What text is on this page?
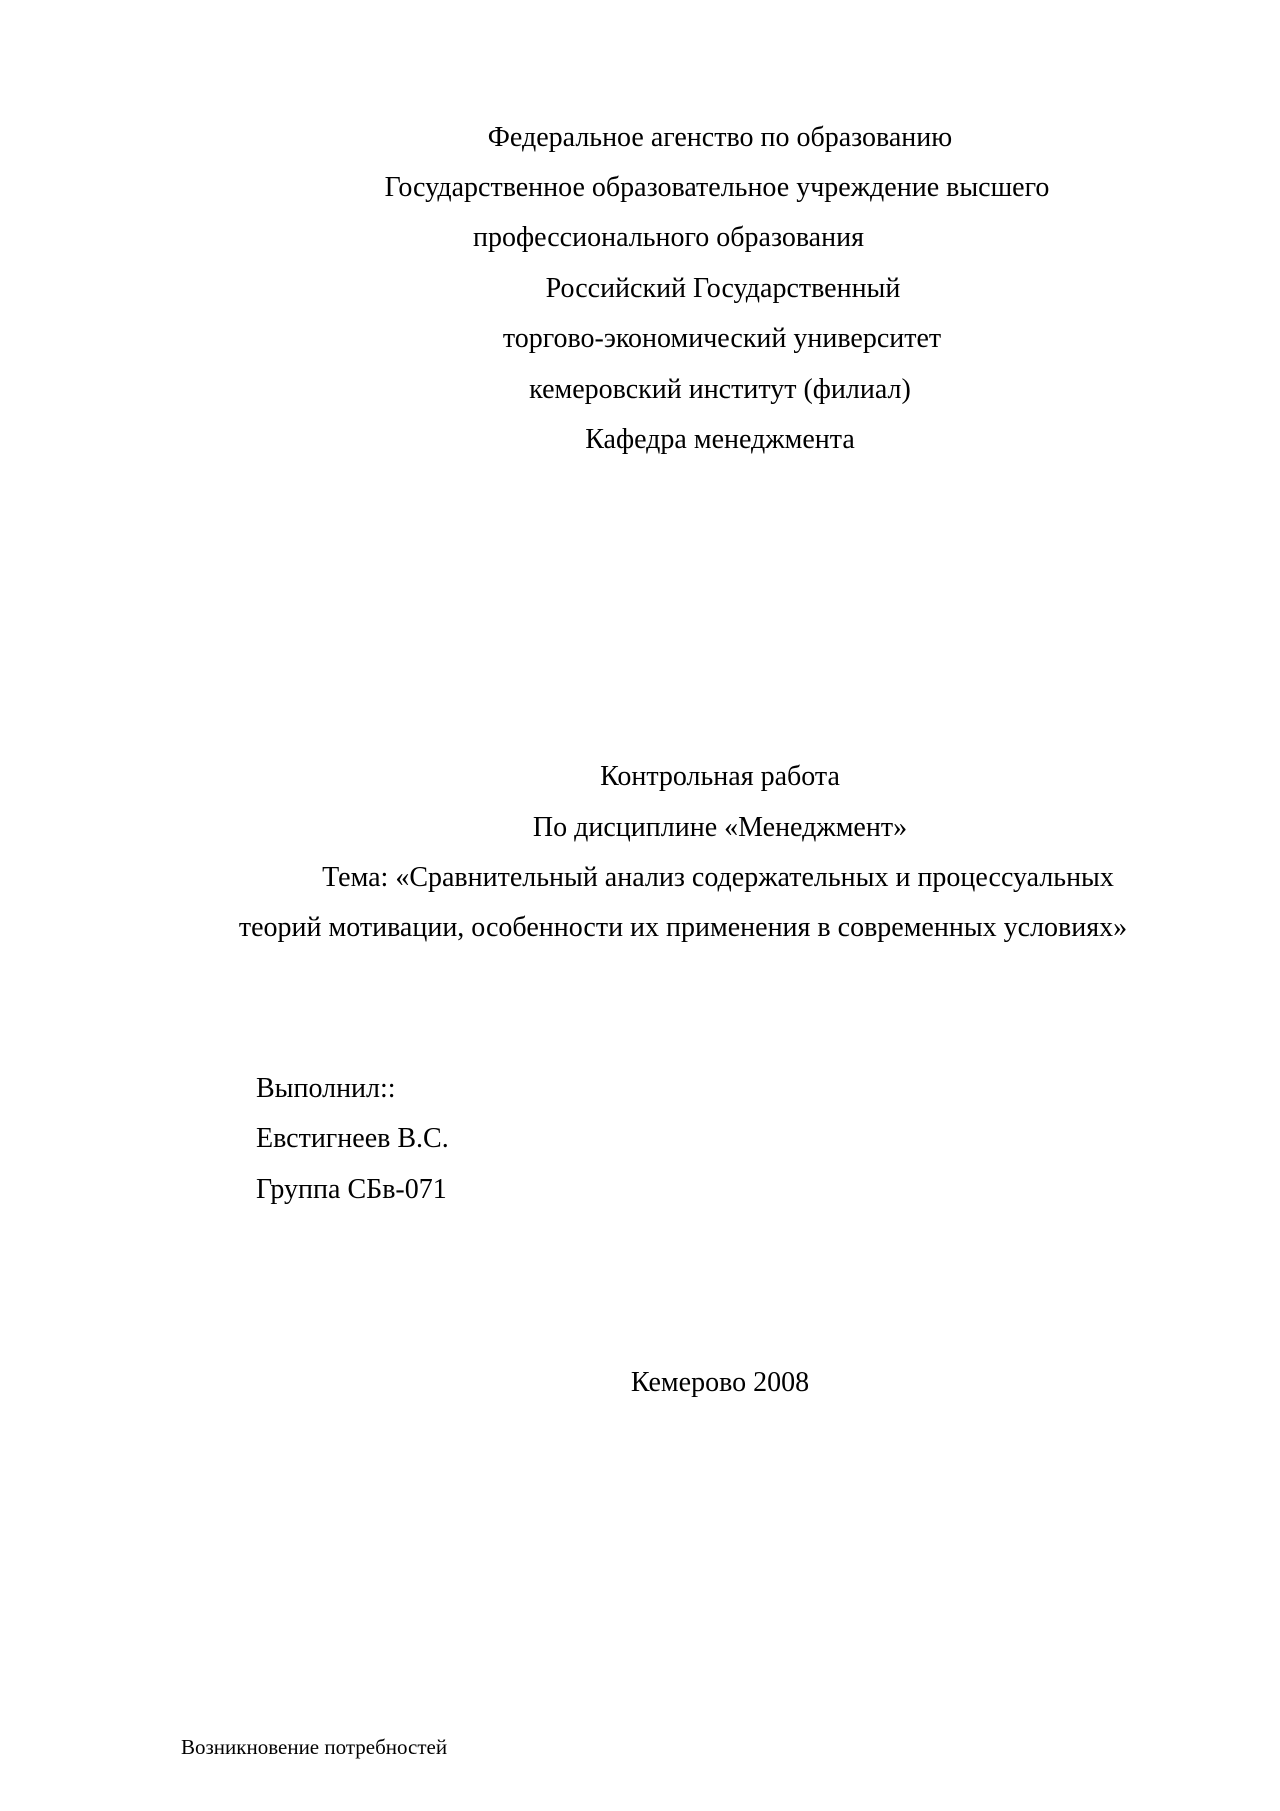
Федеральное агенство по образованию
Государственное образовательное учреждение высшего
профессионального образования
Российский Государственный
торгово-экономический университет
кемеровский институт (филиал)
Кафедра менеджмента
Контрольная работа
По дисциплине «Менеджмент»
Тема: «Сравнительный анализ содержательных и процессуальных
теорий мотивации, особенности их применения в современных условиях»
Выполнил::
Евстигнеев В.С.
Группа СБв-071
Кемерово 2008
Возникновение потребностей
